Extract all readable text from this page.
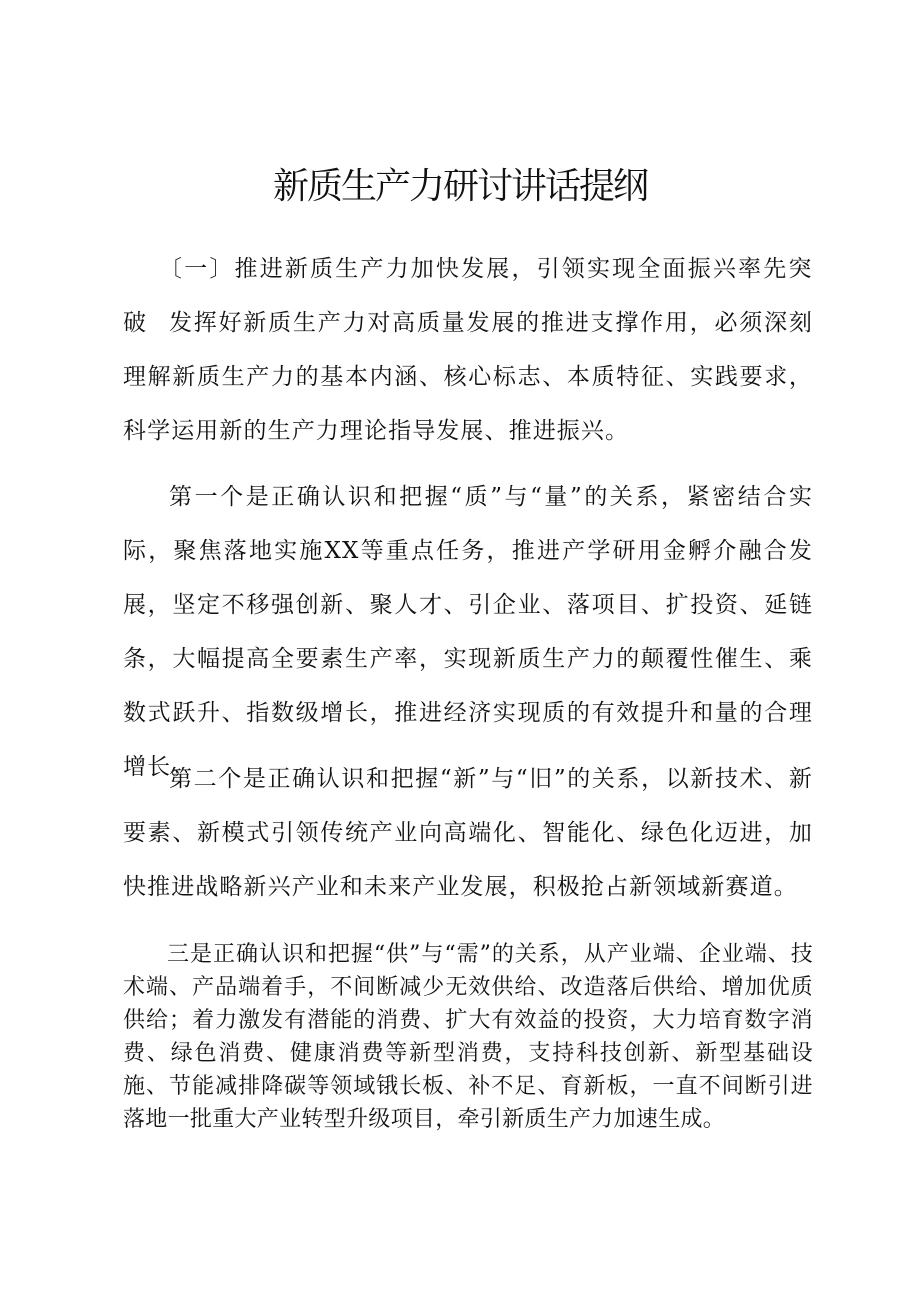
新质生产力研讨讲话提纲

〔一〕推进新质生产力加快发展，引领实现全面振兴率先突破 发挥好新质生产力对高质量发展的推进支撑作用，必须深刻理解新质生产力的基本内涵、核心标志、本质特征、实践要求，科学运用新的生产力理论指导发展、推进振兴。

第一个是正确认识和把握“质”与“量”的关系，紧密结合实际，聚焦落地实施XX等重点任务，推进产学研用金孵介融合发展，坚定不移强创新、聚人才、引企业、落项目、扩投资、延链条，大幅提高全要素生产率，实现新质生产力的颠覆性催生、乘数式跃升、指数级增长，推进经济实现质的有效提升和量的合理增长。

第二个是正确认识和把握“新”与“旧”的关系，以新技术、新要素、新模式引领传统产业向高端化、智能化、绿色化迈进，加快推进战略新兴产业和未来产业发展，积极抢占新领域新赛道。

三是正确认识和把握“供”与“需”的关系，从产业端、企业端、技术端、产品端着手，不间断减少无效供给、改造落后供给、增加优质供给；着力激发有潜能的消费、扩大有效益的投资，大力培育数字消费、绿色消费、健康消费等新型消费，支持科技创新、新型基础设施、节能减排降碳等领域锇长板、补不足、育新板，一直不间断引进落地一批重大产业转型升级项目，牵引新质生产力加速生成。
